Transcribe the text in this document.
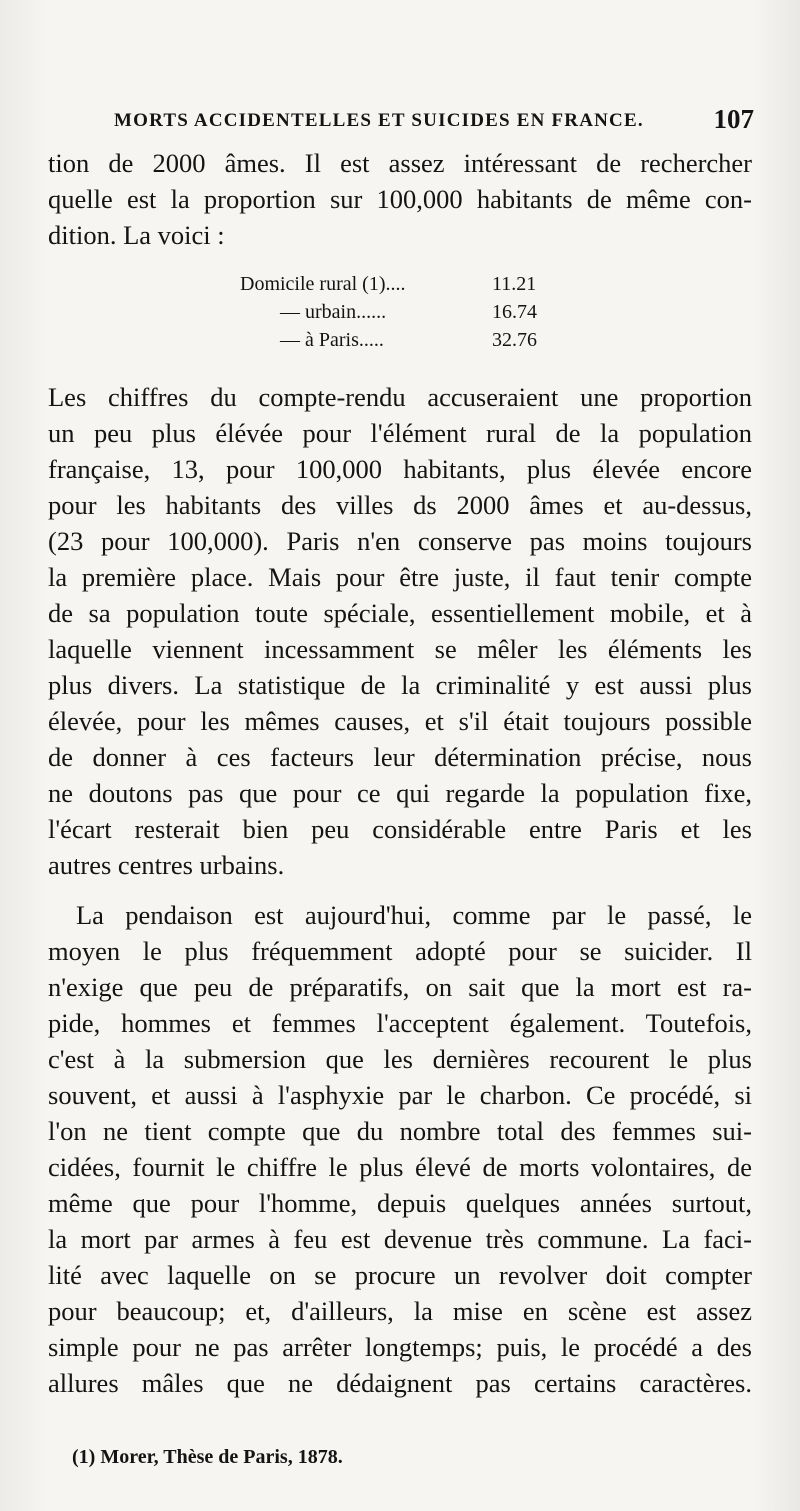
MORTS ACCIDENTELLES ET SUICIDES EN FRANCE.	107
tion de 2000 âmes. Il est assez intéressant de rechercher
quelle est la proportion sur 100,000 habitants de même con-
dition. La voici :
Domicile rural (1)....	11.21
— urbain......	16.74
— à Paris.....	32.76
Les chiffres du compte-rendu accuseraient une proportion
un peu plus élévée pour l'élément rural de la population
française, 13, pour 100,000 habitants, plus élevée encore
pour les habitants des villes ds 2000 âmes et au-dessus,
(23 pour 100,000). Paris n'en conserve pas moins toujours
la première place. Mais pour être juste, il faut tenir compte
de sa population toute spéciale, essentiellement mobile, et à
laquelle viennent incessamment se mêler les éléments les
plus divers. La statistique de la criminalité y est aussi plus
élevée, pour les mêmes causes, et s'il était toujours possible
de donner à ces facteurs leur détermination précise, nous
ne doutons pas que pour ce qui regarde la population fixe,
l'écart resterait bien peu considérable entre Paris et les
autres centres urbains.
La pendaison est aujourd'hui, comme par le passé, le
moyen le plus fréquemment adopté pour se suicider. Il
n'exige que peu de préparatifs, on sait que la mort est ra-
pide, hommes et femmes l'acceptent également. Toutefois,
c'est à la submersion que les dernières recourent le plus
souvent, et aussi à l'asphyxie par le charbon. Ce procédé, si
l'on ne tient compte que du nombre total des femmes sui-
cidées, fournit le chiffre le plus élevé de morts volontaires, de
même que pour l'homme, depuis quelques années surtout,
la mort par armes à feu est devenue très commune. La faci-
lité avec laquelle on se procure un revolver doit compter
pour beaucoup; et, d'ailleurs, la mise en scène est assez
simple pour ne pas arrêter longtemps; puis, le procédé a des
allures mâles que ne dédaignent pas certains caractères.
(1) Morer, Thèse de Paris, 1878.
